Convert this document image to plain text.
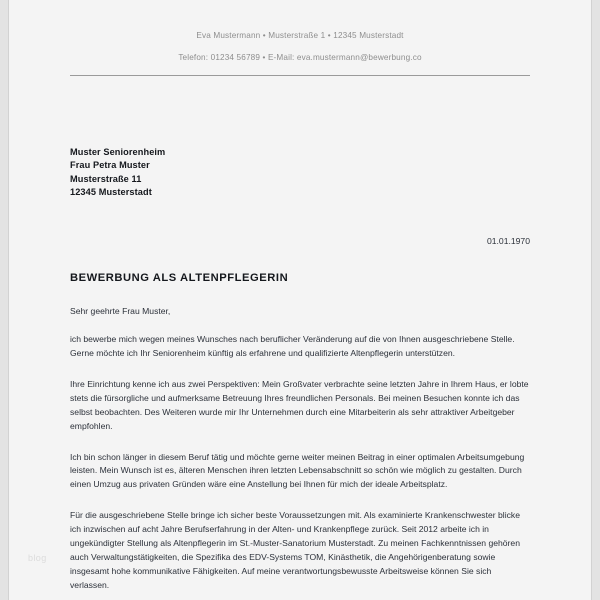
Eva Mustermann • Musterstraße 1 • 12345 Musterstadt
Telefon: 01234 56789 • E-Mail: eva.mustermann@bewerbung.co
Muster Seniorenheim
Frau Petra Muster
Musterstraße 11
12345 Musterstadt
01.01.1970
BEWERBUNG ALS ALTENPFLEGERIN
Sehr geehrte Frau Muster,
ich bewerbe mich wegen meines Wunsches nach beruflicher Veränderung auf die von Ihnen ausgeschriebene Stelle. Gerne möchte ich Ihr Seniorenheim künftig als erfahrene und qualifizierte Altenpflegerin unterstützen.
Ihre Einrichtung kenne ich aus zwei Perspektiven: Mein Großvater verbrachte seine letzten Jahre in Ihrem Haus, er lobte stets die fürsorgliche und aufmerksame Betreuung Ihres freundlichen Personals. Bei meinen Besuchen konnte ich das selbst beobachten. Des Weiteren wurde mir Ihr Unternehmen durch eine Mitarbeiterin als sehr attraktiver Arbeitgeber empfohlen.
Ich bin schon länger in diesem Beruf tätig und möchte gerne weiter meinen Beitrag in einer optimalen Arbeitsumgebung leisten. Mein Wunsch ist es, älteren Menschen ihren letzten Lebensabschnitt so schön wie möglich zu gestalten. Durch einen Umzug aus privaten Gründen wäre eine Anstellung bei Ihnen für mich der ideale Arbeitsplatz.
Für die ausgeschriebene Stelle bringe ich sicher beste Voraussetzungen mit. Als examinierte Krankenschwester blicke ich inzwischen auf acht Jahre Berufserfahrung in der Alten- und Krankenpflege zurück. Seit 2012 arbeite ich in ungekündigter Stellung als Altenpflegerin im St.-Muster-Sanatorium Musterstadt. Zu meinen Fachkenntnissen gehören auch Verwaltungstätigkeiten, die Spezifika des EDV-Systems TOM, Kinästhetik, die Angehörigenberatung sowie insgesamt hohe kommunikative Fähigkeiten. Auf meine verantwortungsbewusste Arbeitsweise können Sie sich verlassen.
blog
